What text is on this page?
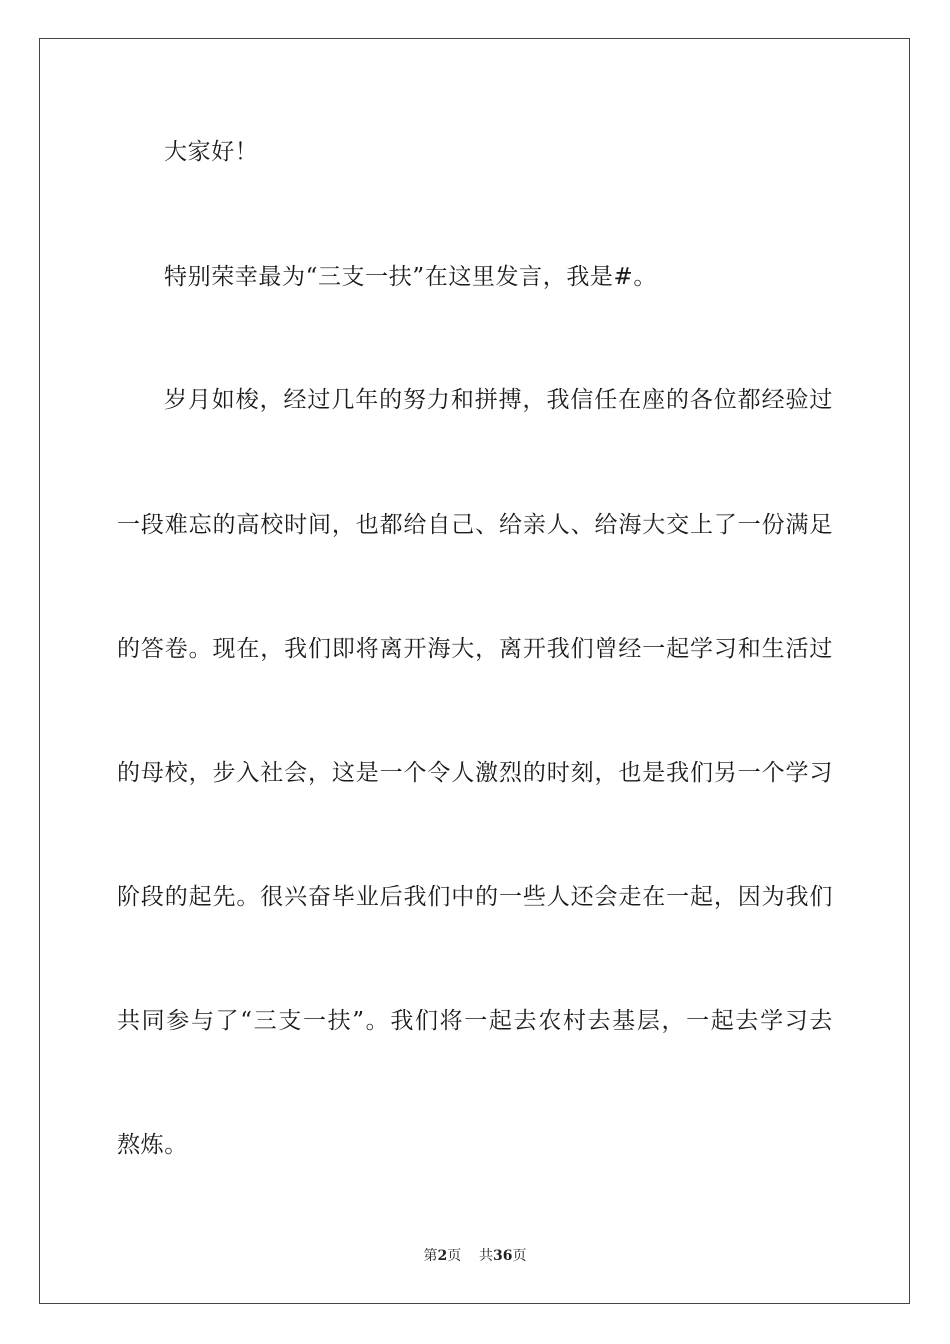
大家好！
特别荣幸最为“三支一扶”在这里发言，我是#。
岁月如梭，经过几年的努力和拼搏，我信任在座的各位都经验过
一段难忘的高校时间，也都给自己、给亲人、给海大交上了一份满足
的答卷。现在，我们即将离开海大，离开我们曾经一起学习和生活过
的母校，步入社会，这是一个令人激烈的时刻，也是我们另一个学习
阶段的起先。很兴奋毕业后我们中的一些人还会走在一起，因为我们
共同参与了“三支一扶”。我们将一起去农村去基层，一起去学习去
熬炼。
第2页 共36页
